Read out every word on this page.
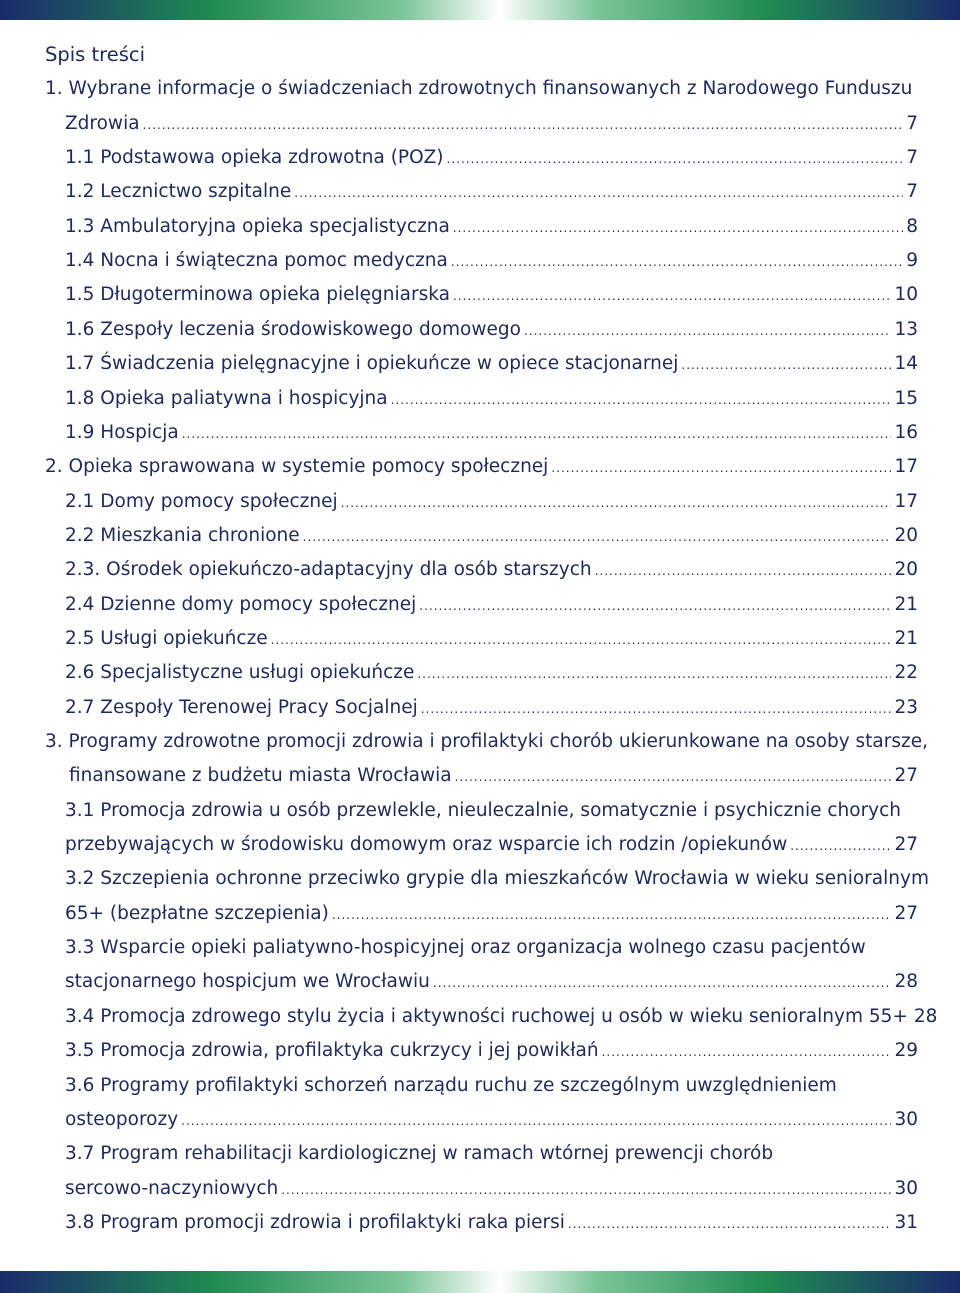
Spis treści
1. Wybrane informacje o świadczeniach zdrowotnych finansowanych z Narodowego Funduszu
Zdrowia .....	7
1.1 Podstawowa opieka zdrowotna (POZ) .....	7
1.2 Lecznictwo szpitalne .....	7
1.3 Ambulatoryjna opieka specjalistyczna .....	8
1.4 Nocna i świąteczna pomoc medyczna .....	9
1.5 Długoterminowa opieka pielęgniarska .....	10
1.6 Zespoły leczenia środowiskowego domowego .....	13
1.7 Świadczenia pielęgnacyjne i opiekuńcze w opiece stacjonarnej .....	14
1.8 Opieka paliatywna i hospicyjna .....	15
1.9 Hospicja .....	16
2. Opieka sprawowana w systemie pomocy społecznej .....	17
2.1 Domy pomocy społecznej .....	17
2.2 Mieszkania chronione .....	20
2.3. Ośrodek opiekuńczo-adaptacyjny dla osób starszych .....	20
2.4 Dzienne domy pomocy społecznej .....	21
2.5 Usługi opiekuńcze .....	21
2.6 Specjalistyczne usługi opiekuńcze .....	22
2.7 Zespoły Terenowej Pracy Socjalnej .....	23
3. Programy zdrowotne promocji zdrowia i profilaktyki chorób ukierunkowane na osoby starsze,
finansowane z budżetu miasta Wrocławia .....	27
3.1 Promocja zdrowia u osób przewlekle, nieuleczalnie, somatycznie i psychicznie chorych
przebywających w środowisku domowym oraz wsparcie ich rodzin /opiekunów .....	27
3.2 Szczepienia ochronne przeciwko grypie dla mieszkańców Wrocławia w wieku senioralnym
65+ (bezpłatne szczepienia) .....	27
3.3 Wsparcie opieki paliatywno-hospicyjnej oraz organizacja wolnego czasu pacjentów
stacjonarnego hospicjum we Wrocławiu .....	28
3.4 Promocja zdrowego stylu życia i aktywności ruchowej u osób w wieku senioralnym 55+ 28
3.5 Promocja zdrowia, profilaktyka cukrzycy i jej powikłań .....	29
3.6 Programy profilaktyki schorzeń narządu ruchu ze szczególnym uwzględnieniem
osteoporozy .....	30
3.7 Program rehabilitacji kardiologicznej w ramach wtórnej prewencji chorób
sercowo-naczyniowych .....	30
3.8 Program promocji zdrowia i profilaktyki raka piersi .....	31
